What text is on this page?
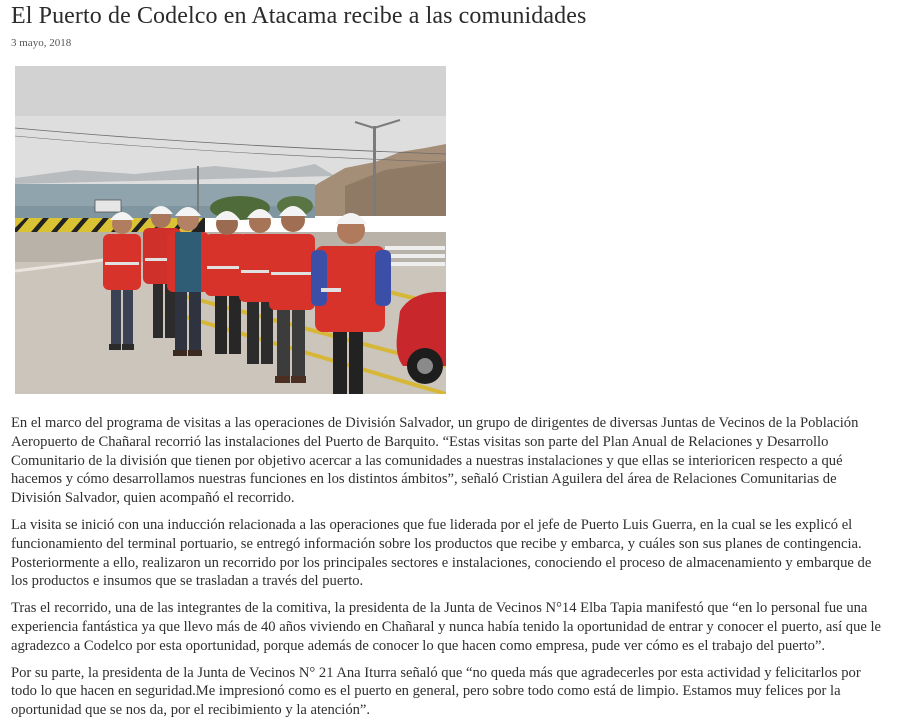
El Puerto de Codelco en Atacama recibe a las comunidades
3 mayo, 2018

En el marco del programa de visitas a las operaciones de División Salvador, un grupo de dirigentes de diversas Juntas de Vecinos de la Población Aeropuerto de Chañaral recorrió las instalaciones del Puerto de Barquito. “Estas visitas son parte del Plan Anual de Relaciones y Desarrollo Comunitario de la división que tienen por objetivo acercar a las comunidades a nuestras instalaciones y que ellas se interioricen respecto a qué hacemos y cómo desarrollamos nuestras funciones en los distintos ámbitos”, señaló Cristian Aguilera del área de Relaciones Comunitarias de División Salvador, quien acompañó el recorrido.

La visita se inició con una inducción relacionada a las operaciones que fue liderada por el jefe de Puerto Luis Guerra, en la cual se les explicó el funcionamiento del terminal portuario, se entregó información sobre los productos que recibe y embarca, y cuáles son sus planes de contingencia. Posteriormente a ello, realizaron un recorrido por los principales sectores e instalaciones, conociendo el proceso de almacenamiento y embarque de los productos e insumos que se trasladan a través del puerto.

Tras el recorrido, una de las integrantes de la comitiva, la presidenta de la Junta de Vecinos N°14 Elba Tapia manifestó que “en lo personal fue una experiencia fantástica ya que llevo más de 40 años viviendo en Chañaral y nunca había tenido la oportunidad de entrar y conocer el puerto, así que le agradezco a Codelco por esta oportunidad, porque además de conocer lo que hacen como empresa, pude ver cómo es el trabajo del puerto”.

Por su parte, la presidenta de la Junta de Vecinos N° 21 Ana Iturra señaló que “no queda más que agradecerles por esta actividad y felicitarlos por todo lo que hacen en seguridad.Me impresionó como es el puerto en general, pero sobre todo como está de limpio. Estamos muy felices por la oportunidad que se nos da, por el recibimiento y la atención”.
